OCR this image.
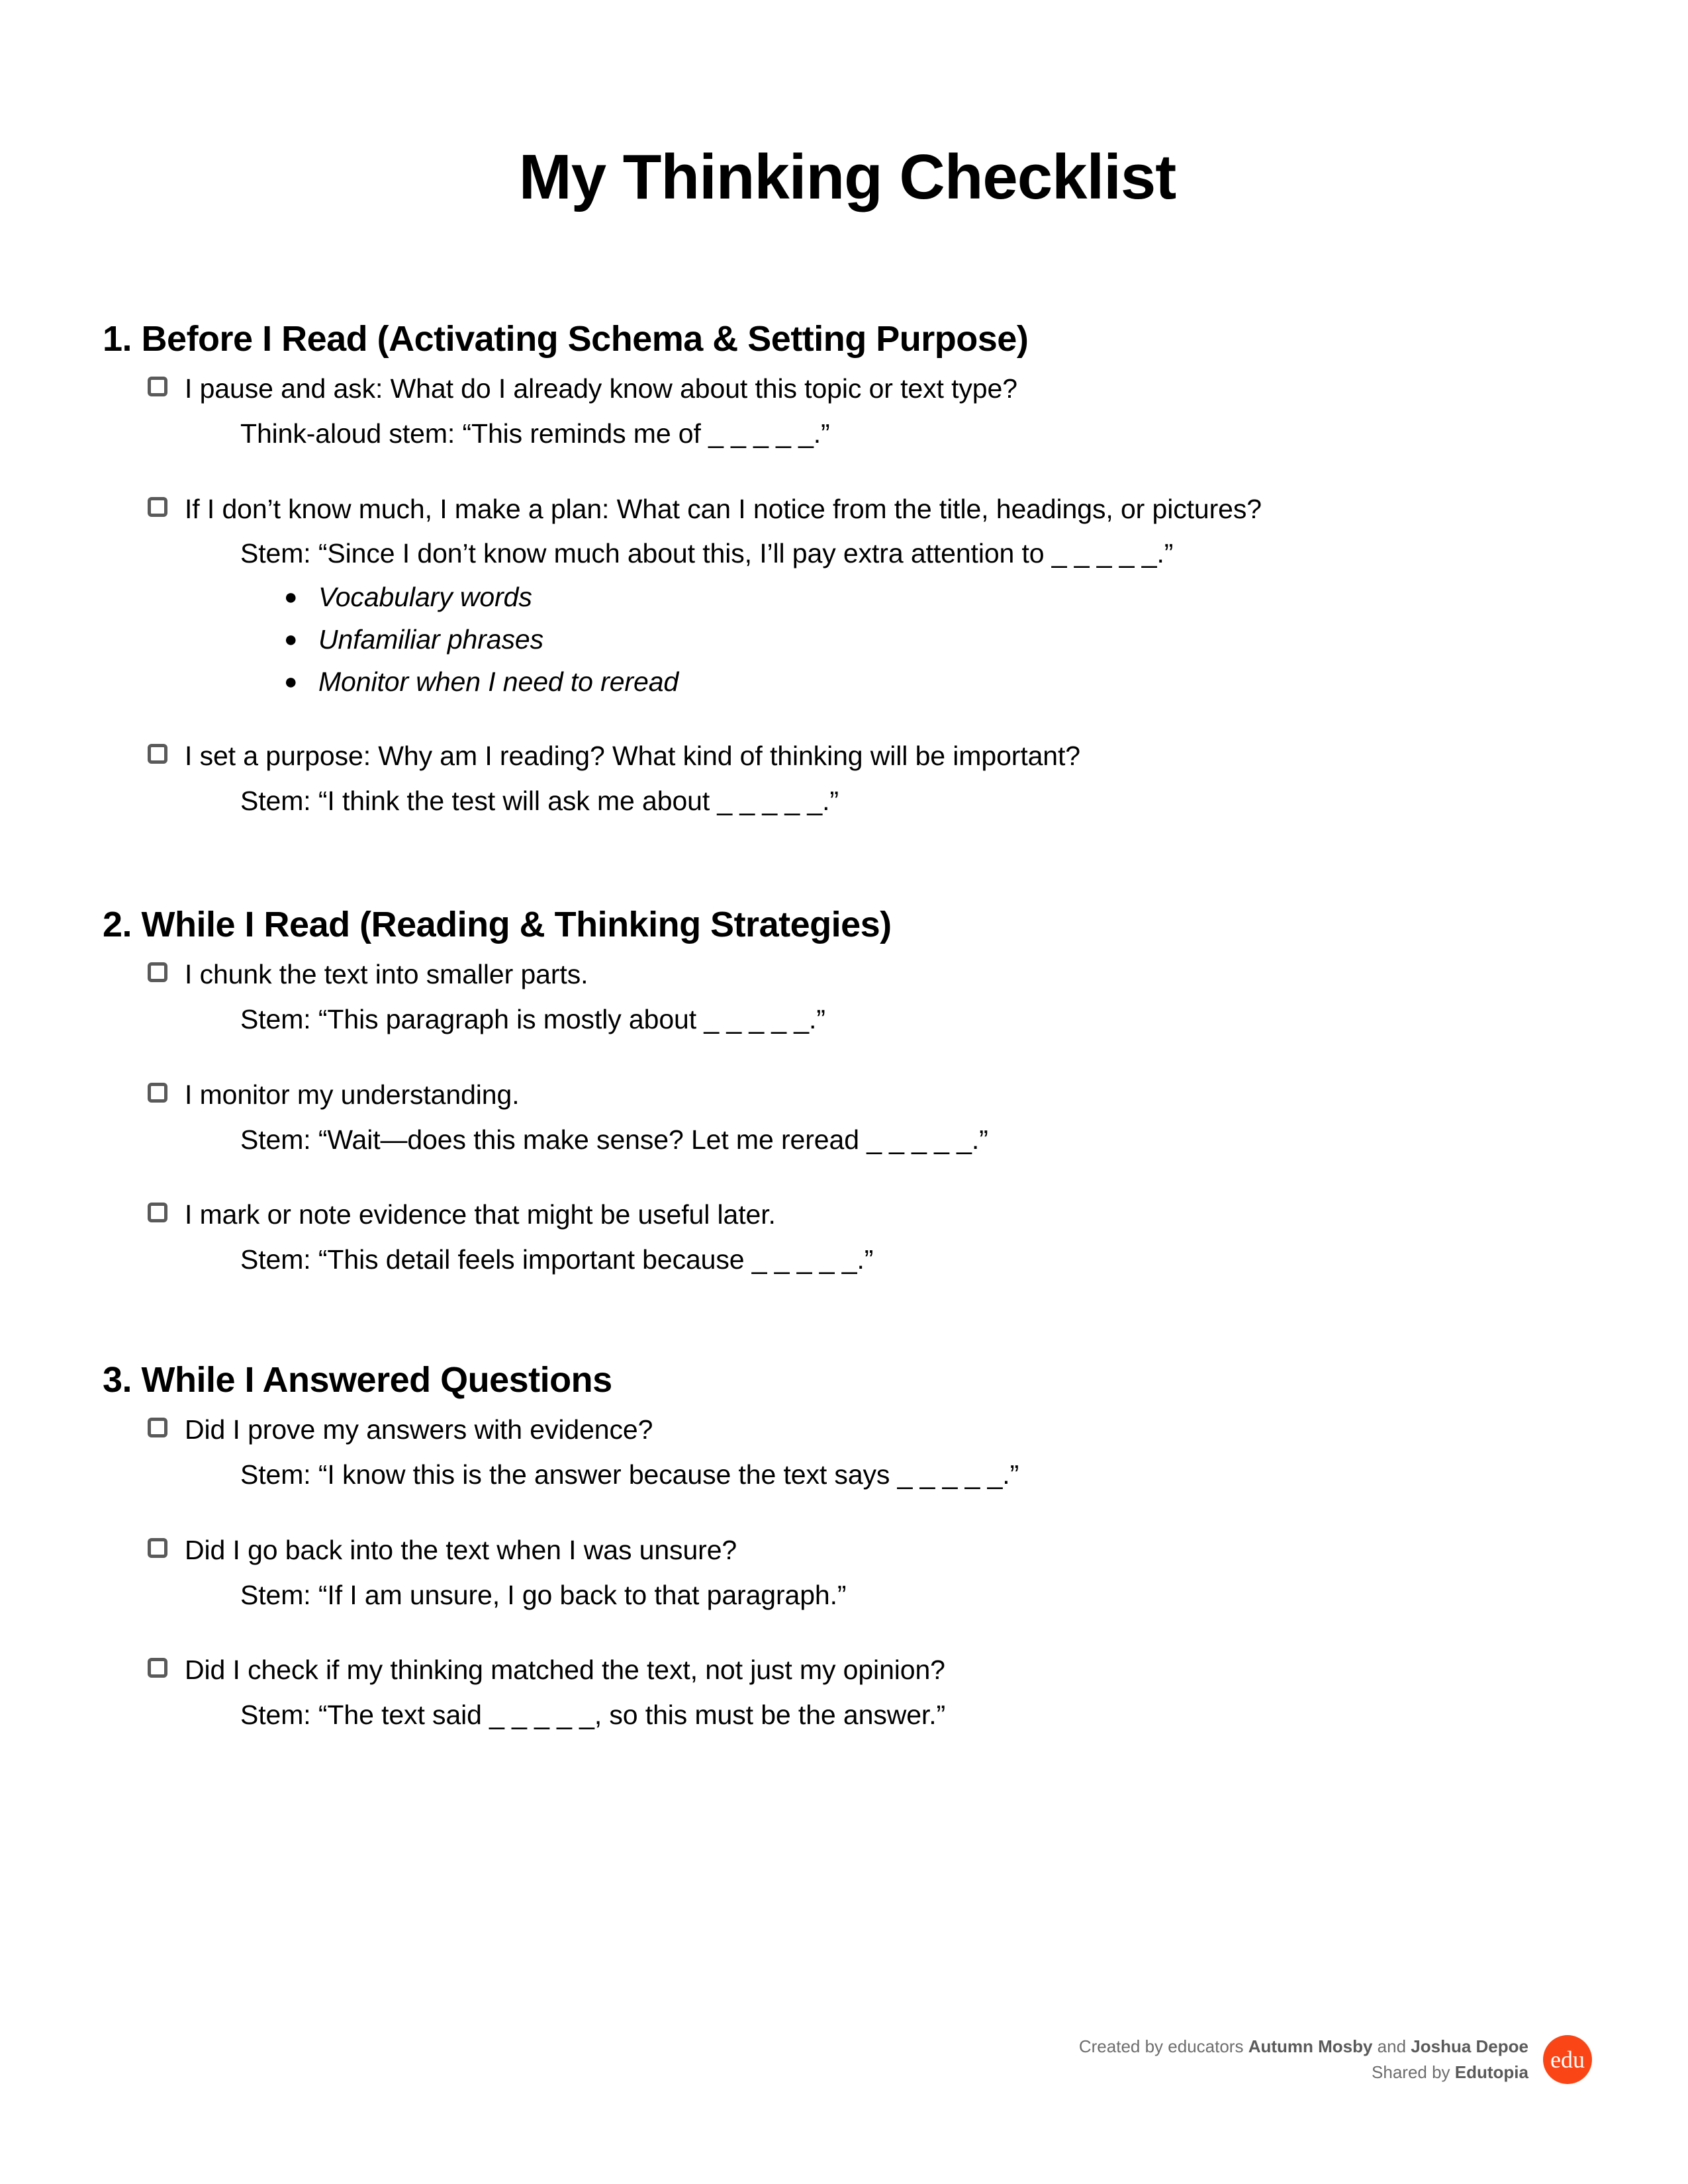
My Thinking Checklist
1. Before I Read (Activating Schema & Setting Purpose)
I pause and ask: What do I already know about this topic or text type?
Think-aloud stem: “This reminds me of _ _ _ _ _.”
If I don’t know much, I make a plan: What can I notice from the title, headings, or pictures?
Stem: “Since I don’t know much about this, I’ll pay extra attention to _ _ _ _ _.”
● Vocabulary words
● Unfamiliar phrases
● Monitor when I need to reread
I set a purpose: Why am I reading? What kind of thinking will be important?
Stem: “I think the test will ask me about _ _ _ _ _.”
2. While I Read (Reading & Thinking Strategies)
I chunk the text into smaller parts.
Stem: “This paragraph is mostly about _ _ _ _ _.”
I monitor my understanding.
Stem: “Wait—does this make sense? Let me reread _ _ _ _ _.”
I mark or note evidence that might be useful later.
Stem: “This detail feels important because _ _ _ _ _.”
3. While I Answered Questions
Did I prove my answers with evidence?
Stem: “I know this is the answer because the text says _ _ _ _ _.”
Did I go back into the text when I was unsure?
Stem: “If I am unsure, I go back to that paragraph.”
Did I check if my thinking matched the text, not just my opinion?
Stem: “The text said _ _ _ _ _, so this must be the answer.”
Created by educators Autumn Mosby and Joshua Depoe
Shared by Edutopia edu
